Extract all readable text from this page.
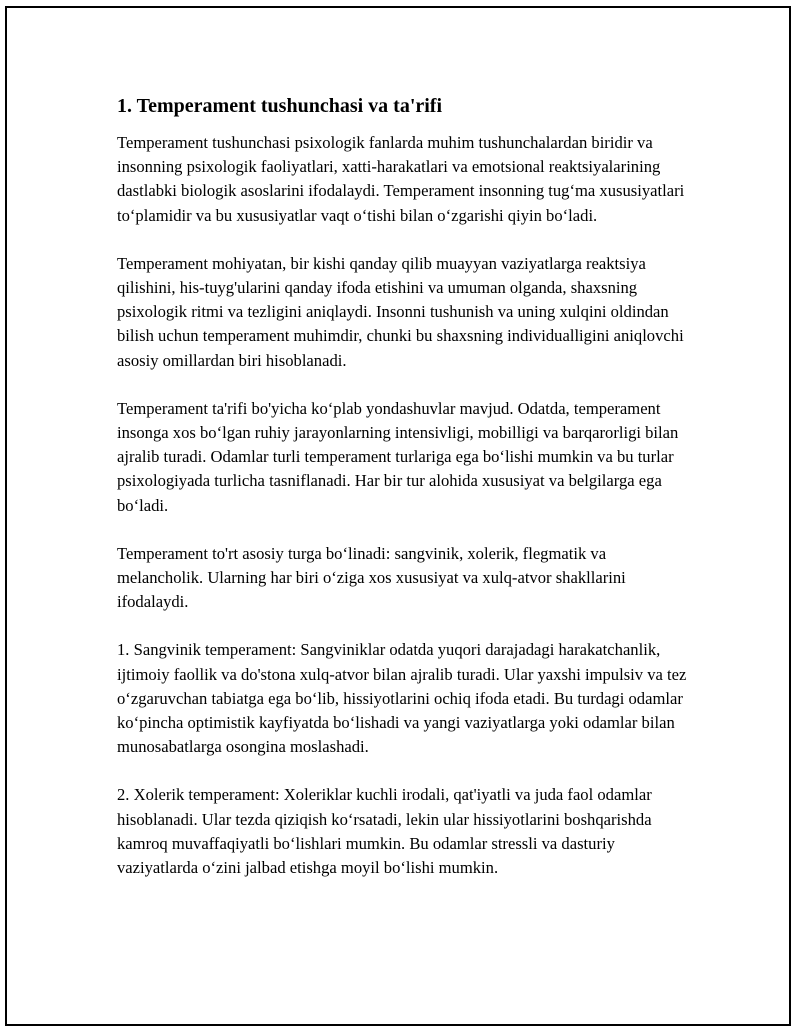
1. Temperament tushunchasi va ta'rifi

Temperament tushunchasi psixologik fanlarda muhim tushunchalardan biridir va insonning psixologik faoliyatlari, xatti-harakatlari va emotsional reaktsiyalarining dastlabki biologik asoslarini ifodalaydi. Temperament insonning tug‘ma xususiyatlari to‘plamidir va bu xususiyatlar vaqt o‘tishi bilan o‘zgarishi qiyin bo‘ladi.

Temperament mohiyatan, bir kishi qanday qilib muayyan vaziyatlarga reaktsiya qilishini, his-tuyg'ularini qanday ifoda etishini va umuman olganda, shaxsning psixologik ritmi va tezligini aniqlaydi. Insonni tushunish va uning xulqini oldindan bilish uchun temperament muhimdir, chunki bu shaxsning individualligini aniqlovchi asosiy omillardan biri hisoblanadi.

Temperament ta'rifi bo'yicha ko‘plab yondashuvlar mavjud. Odatda, temperament insonga xos bo‘lgan ruhiy jarayonlarning intensivligi, mobilligi va barqarorligi bilan ajralib turadi. Odamlar turli temperament turlariga ega bo‘lishi mumkin va bu turlar psixologiyada turlicha tasniflanadi. Har bir tur alohida xususiyat va belgilarga ega bo‘ladi.

Temperament to'rt asosiy turga bo‘linadi: sangvinik, xolerik, flegmatik va melancholik. Ularning har biri o‘ziga xos xususiyat va xulq-atvor shakllarini ifodalaydi.

1. Sangvinik temperament: Sangviniklar odatda yuqori darajadagi harakatchanlik, ijtimoiy faollik va do'stona xulq-atvor bilan ajralib turadi. Ular yaxshi impulsiv va tez o‘zgaruvchan tabiatga ega bo‘lib, hissiyotlarini ochiq ifoda etadi. Bu turdagi odamlar ko‘pincha optimistik kayfiyatda bo‘lishadi va yangi vaziyatlarga yoki odamlar bilan munosabatlarga osongina moslashadi.

2. Xolerik temperament: Xoleriklar kuchli irodali, qat'iyatli va juda faol odamlar hisoblanadi. Ular tezda qiziqish ko‘rsatadi, lekin ular hissiyotlarini boshqarishda kamroq muvaffaqiyatli bo‘lishlari mumkin. Bu odamlar stressli va dasturiy vaziyatlarda o‘zini jalbad etishga moyil bo‘lishi mumkin.
